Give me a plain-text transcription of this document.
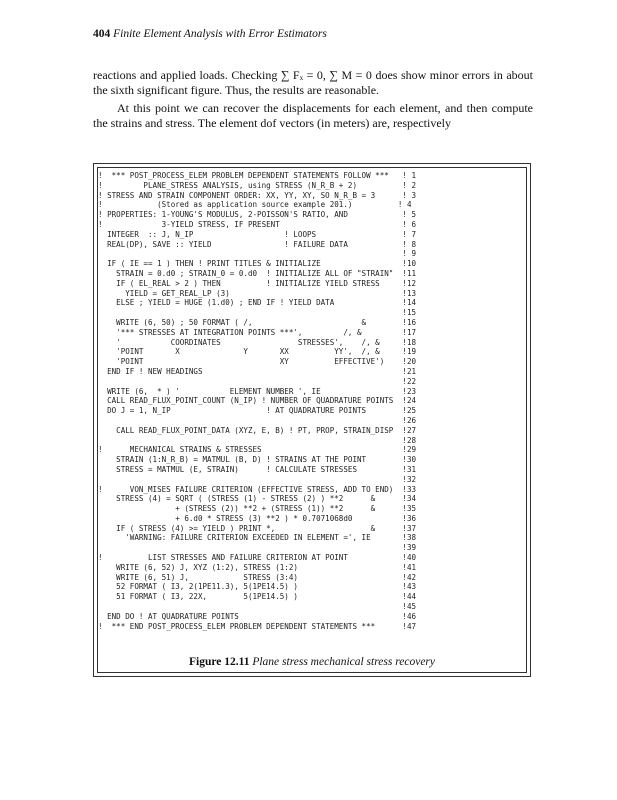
404 Finite Element Analysis with Error Estimators

reactions and applied loads. Checking ∑ Fₓ = 0, ∑ M = 0 does show minor errors in about the sixth significant figure. Thus, the results are reasonable.

At this point we can recover the displacements for each element, and then compute the strains and stress. The element dof vectors (in meters) are, respectively

!  *** POST_PROCESS_ELEM PROBLEM DEPENDENT STATEMENTS FOLLOW ***   ! 1
!         PLANE_STRESS ANALYSIS, using STRESS (N_R_B + 2)          ! 2
! STRESS AND STRAIN COMPONENT ORDER: XX, YY, XY, SO N_R_B = 3      ! 3
!            (Stored as application source example 201.)          ! 4
! PROPERTIES: 1-YOUNG'S MODULUS, 2-POISSON'S RATIO, AND            ! 5
!             3-YIELD STRESS, IF PRESENT                           ! 6
INTEGER  :: J, N_IP                    ! LOOPS                   ! 7
REAL(DP), SAVE :: YIELD                ! FAILURE DATA            ! 8
! 9
IF ( IE == 1 ) THEN ! PRINT TITLES & INITIALIZE                  !10
STRAIN = 0.d0 ; STRAIN_0 = 0.d0  ! INITIALIZE ALL OF "STRAIN"  !11
IF ( EL_REAL > 2 ) THEN          ! INITIALIZE YIELD STRESS     !12
YIELD = GET_REAL_LP (3)                                      !13
ELSE ; YIELD = HUGE (1.d0) ; END IF ! YIELD DATA               !14
!15
WRITE (6, 50) ; 50 FORMAT ( /,                        &        !16
'*** STRESSES AT INTEGRATION POINTS ***',         /, &         !17
'           COORDINATES                 STRESSES',    /, &     !18
'POINT       X              Y       XX          YY',  /, &     !19
'POINT                              XY          EFFECTIVE')    !20
END IF ! NEW HEADINGS                                            !21
!22
WRITE (6,  * ) '           ELEMENT NUMBER ', IE                  !23
CALL READ_FLUX_POINT_COUNT (N_IP) ! NUMBER OF QUADRATURE POINTS  !24
DO J = 1, N_IP                     ! AT QUADRATURE POINTS        !25
!26
CALL READ_FLUX_POINT_DATA (XYZ, E, B) ! PT, PROP, STRAIN_DISP  !27
!28
!      MECHANICAL STRAINS & STRESSES                               !29
STRAIN (1:N_R_B) = MATMUL (B, D) ! STRAINS AT THE POINT        !30
STRESS = MATMUL (E, STRAIN)      ! CALCULATE STRESSES          !31
!32
!      VON_MISES FAILURE CRITERION (EFFECTIVE STRESS, ADD TO END)  !33
STRESS (4) = SQRT ( (STRESS (1) - STRESS (2) ) **2      &      !34
+ (STRESS (2)) **2 + (STRESS (1)) **2      &      !35
+ 6.d0 * STRESS (3) **2 ) * 0.7071068d0           !36
IF ( STRESS (4) >= YIELD ) PRINT *,                     &      !37
'WARNING: FAILURE CRITERION EXCEEDED IN ELEMENT =', IE       !38
!39
!          LIST STRESSES AND FAILURE CRITERION AT POINT            !40
WRITE (6, 52) J, XYZ (1:2), STRESS (1:2)                       !41
WRITE (6, 51) J,            STRESS (3:4)                       !42
52 FORMAT ( I3, 2(1PE11.3), 5(1PE14.5) )                       !43
51 FORMAT ( I3, 22X,        5(1PE14.5) )                       !44
!45
END DO ! AT QUADRATURE POINTS                                    !46
!  *** END POST_PROCESS_ELEM PROBLEM DEPENDENT STATEMENTS ***      !47
Figure 12.11 Plane stress mechanical stress recovery
